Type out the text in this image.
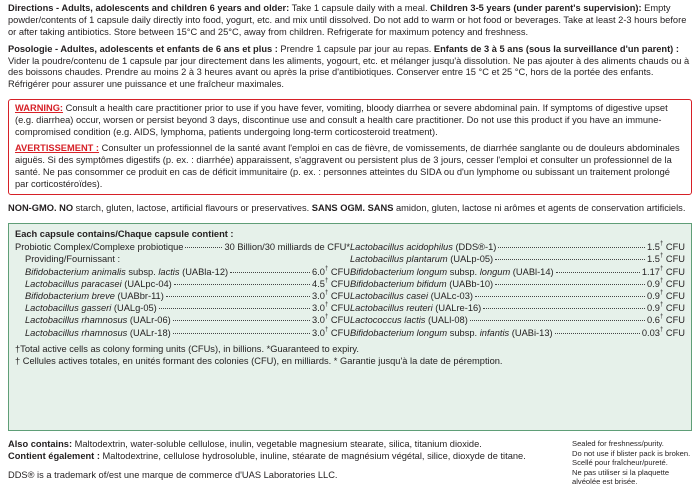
Directions - Adults, adolescents and children 6 years and older: Take 1 capsule daily with a meal. Children 3-5 years (under parent's supervision): Empty powder/contents of 1 capsule daily directly into food, yogurt, etc. and mix until dissolved. Do not add to warm or hot food or beverages. Take at least 2-3 hours before or after taking antibiotics. Store between 15°C and 25°C, away from children. Refrigerate for maximum potency and freshness.

Posologie - Adultes, adolescents et enfants de 6 ans et plus : Prendre 1 capsule par jour au repas. Enfants de 3 à 5 ans (sous la surveillance d'un parent) : Vider la poudre/contenu de 1 capsule par jour directement dans les aliments, yogourt, etc. et mélanger jusqu'à dissolution. Ne pas ajouter à des aliments chauds ou à des boissons chaudes. Prendre au moins 2 à 3 heures avant ou après la prise d'antibiotiques. Conserver entre 15 °C et 25 °C, hors de la portée des enfants. Réfrigérer pour assurer une puissance et une fraîcheur maximales.

WARNING: Consult a health care practitioner prior to use if you have fever, vomiting, bloody diarrhea or severe abdominal pain. If symptoms of digestive upset (e.g. diarrhea) occur, worsen or persist beyond 3 days, discontinue use and consult a health care practitioner. Do not use this product if you have an immune-compromised condition (e.g. AIDS, lymphoma, patients undergoing long-term corticosteroid treatment).

AVERTISSEMENT : Consulter un professionnel de la santé avant l'emploi en cas de fièvre, de vomissements, de diarrhée sanglante ou de douleurs abdominales aiguës. Si des symptômes digestifs (p. ex. : diarrhée) apparaissent, s'aggravent ou persistent plus de 3 jours, cesser l'emploi et consulter un professionnel de la santé. Ne pas consommer ce produit en cas de déficit immunitaire (p. ex. : personnes atteintes du SIDA ou d'un lymphome ou subissant un traitement prolongé par corticostéroïdes).

NON-GMO. NO starch, gluten, lactose, artificial flavours or preservatives. SANS OGM. SANS amidon, gluten, lactose ni arômes et agents de conservation artificiels.

Each capsule contains/Chaque capsule contient :
Probiotic Complex/Complexe probiotique	30 Billion/30 milliards de CFU*
Providing/Fournissant :
Bifidobacterium animalis subsp. lactis (UABla-12)	6.0† CFU
Lactobacillus paracasei (UALpc-04)	4.5† CFU
Bifidobacterium breve (UABbr-11)	3.0† CFU
Lactobacillus gasseri (UALg-05)	3.0† CFU
Lactobacillus rhamnosus (UALr-06)	3.0† CFU
Lactobacillus rhamnosus (UALr-18)	3.0† CFU
Lactobacillus acidophilus (DDS®-1)	1.5† CFU
Lactobacillus plantarum (UALp-05)	1.5† CFU
Bifidobacterium longum subsp. longum (UABl-14)	1.17† CFU
Bifidobacterium bifidum (UABb-10)	0.9† CFU
Lactobacillus casei (UALc-03)	0.9† CFU
Lactobacillus reuteri (UALre-16)	0.9† CFU
Lactococcus lactis (UALl-08)	0.6† CFU
Bifidobacterium longum subsp. infantis (UABi-13)	0.03† CFU

†Total active cells as colony forming units (CFUs), in billions. *Guaranteed to expiry.

† Cellules actives totales, en unités formant des colonies (CFU), en milliards. * Garantie jusqu'à la date de péremption.

Also contains: Maltodextrin, water-soluble cellulose, inulin, vegetable magnesium stearate, silica, titanium dioxide.

Contient également : Maltodextrine, cellulose hydrosoluble, inuline, stéarate de magnésium végétal, silice, dioxyde de titane.

DDS® is a trademark of/est une marque de commerce d'UAS Laboratories LLC.

Sealed for freshness/purity.

Do not use if blister pack is broken.

Scellé pour fraîcheur/pureté.

Ne pas utiliser si la plaquette alvéolée est brisée.
